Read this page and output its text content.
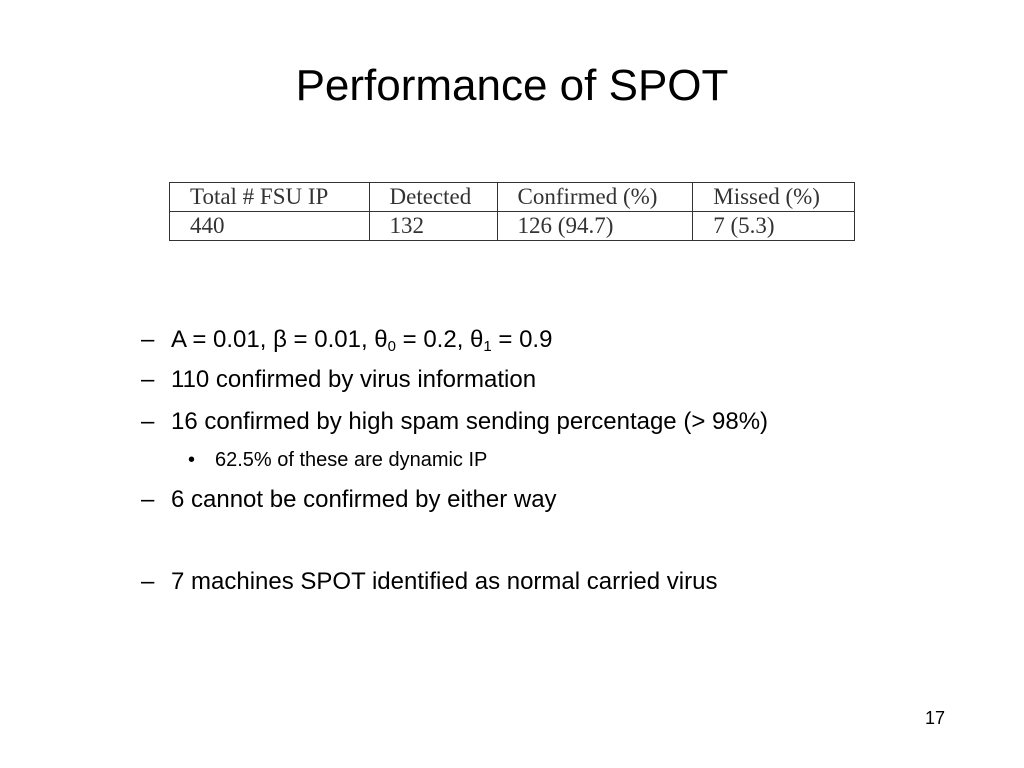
Performance of SPOT
Total # FSU IP	Detected	Confirmed (%)	Missed (%)
440	132	126 (94.7)	7 (5.3)
– A = 0.01, β = 0.01, $\theta_0 = 0.2$, $\theta_1 = 0.9$
– 110 confirmed by virus information
– 16 confirmed by high spam sending percentage (> 98%)
• 62.5% of these are dynamic IP
– 6 cannot be confirmed by either way
– 7 machines SPOT identified as normal carried virus
17
